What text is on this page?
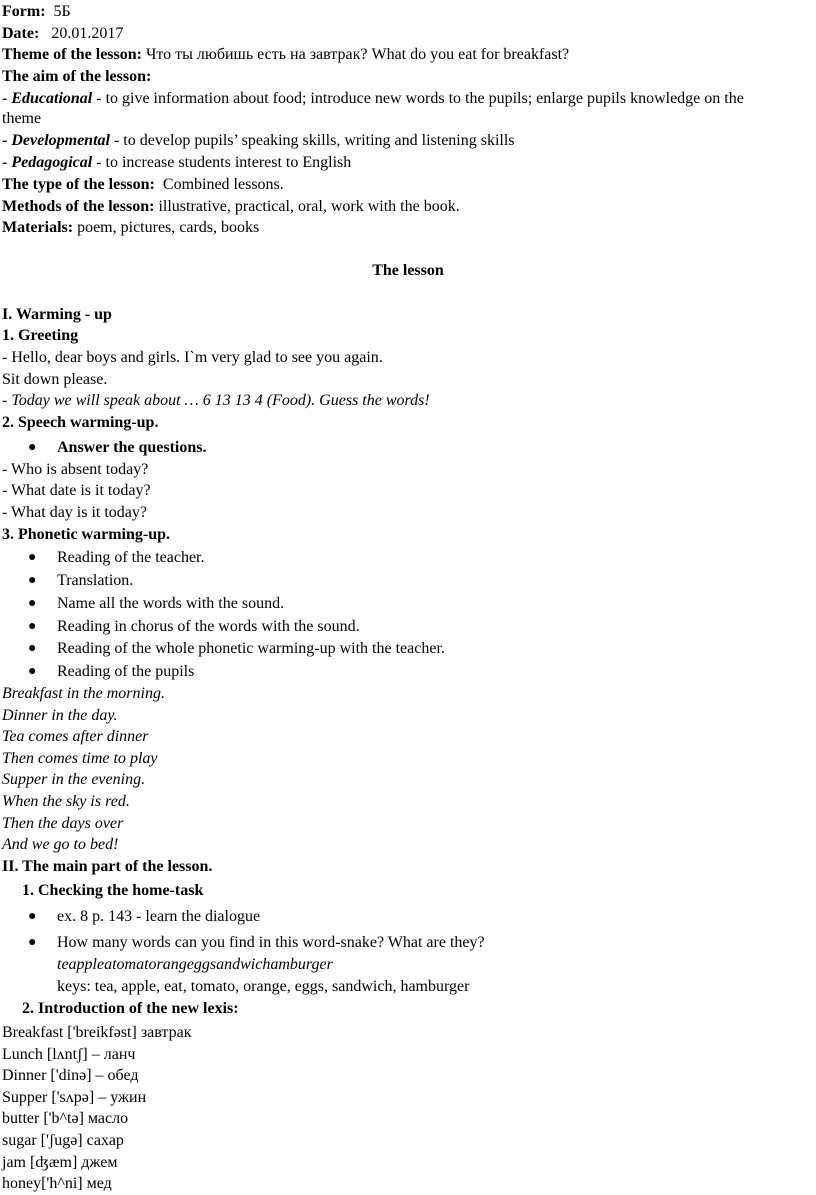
Form: 5Б
Date: 20.01.2017
Theme of the lesson: Что ты любишь есть на завтрак? What do you eat for breakfast?
The aim of the lesson:
- Educational - to give information about food; introduce new words to the pupils; enlarge pupils knowledge on the theme
- Developmental - to develop pupils’ speaking skills, writing and listening skills
- Pedagogical - to increase students interest to English
The type of the lesson: Combined lessons.
Methods of the lesson: illustrative, practical, oral, work with the book.
Materials: poem, pictures, cards, books
The lesson
I. Warming - up
1. Greeting
- Hello, dear boys and girls. I`m very glad to see you again.
Sit down please.
- Today we will speak about … 6 13 13 4 (Food). Guess the words!
2. Speech warming-up.
● Answer the questions.
- Who is absent today?
- What date is it today?
- What day is it today?
3. Phonetic warming-up.
● Reading of the teacher.
● Translation.
● Name all the words with the sound.
● Reading in chorus of the words with the sound.
● Reading of the whole phonetic warming-up with the teacher.
● Reading of the pupils
Breakfast in the morning.
Dinner in the day.
Tea comes after dinner
Then comes time to play
Supper in the evening.
When the sky is red.
Then the days over
And we go to bed!
II. The main part of the lesson.
1. Checking the home-task
● ex. 8 p. 143 - learn the dialogue
● How many words can you find in this word-snake? What are they?
teappleatomatorangeggsandwichamburger
keys: tea, apple, eat, tomato, orange, eggs, sandwich, hamburger
2. Introduction of the new lexis:
Breakfast ['breikfəst] завтрак
Lunch [lʌntʃ] – ланч
Dinner ['dinə] – обед
Supper ['sʌpə] – ужин
butter ['b^tə] масло
sugar ['ʃugə] сахар
jam [ʤæm] джем
honey['h^ni] мед
